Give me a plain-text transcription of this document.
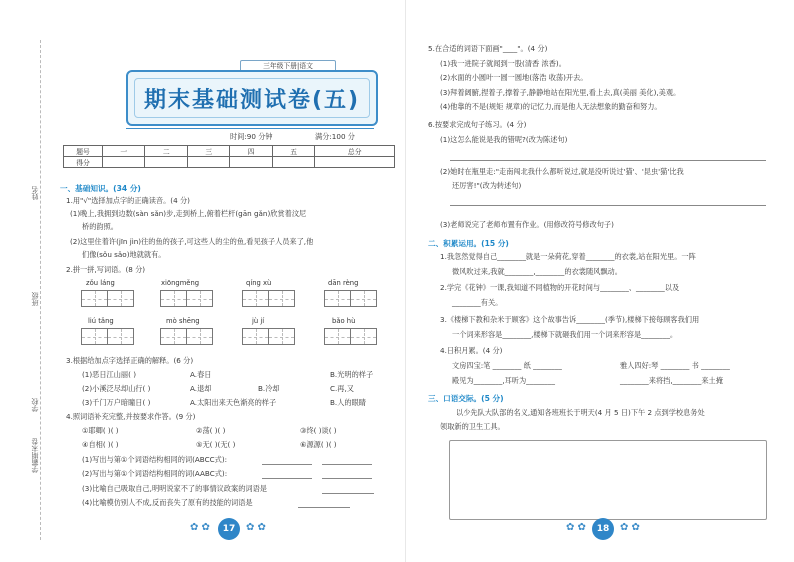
姓名
班级
学校
学霸期末卷
三年级下册|语文
期末基础测试卷(五)
时间:90 分钟	满分:100 分
题号	一	二	三	四	五	总分
得分						
一、基础知识。(34 分)
1.用"√"选择加点字的正确读音。(4 分)
(1)晚上,我拥到边数(sàn sǎn)步,走到桥上,俯着栏杆(gān gǎn)欣赏着汶尼
桥的韵照。
(2)这里住着许(jīn jìn)往的鱼的孩子,可这些人的尘的鱼,看见孩子人员来了,他
们像(sǒu sǎo)地就就有。
2.拼一拼,写词语。(8 分)
zǒu láng	xiōngměng	qíng xù	dān rèng
liú tǎng	mò shēng	jù jí	bǎo hù
3.根据给加点字选择正确的解释。(6 分)
(1)恶日江山丽( )	A.春日	B.光明的样子
(2)小溪泛尽却山行( )	A.退却	B.冷却	C.再,又
(3)千门万户暗瞳日( )	A.太阳出来天色渐亮的样子	B.人的眼睛
4.照词语补充完整,并按要求作答。(9 分)
①耶卿( )( )	②荡( )( )	③终( )谈( )
④自相( )( )	⑤无( )(无( )	⑥源源( )( )
(1)写出与第①个词语结构相同的词(ABCC式):
(2)写出与第①个词语结构相同的词(AABC式):
(3)比喻自己吸取自己,明明说家不了的事情议政案的词语是
(4)比喻模仿别人不成,反而丧失了原有的技能的词语是
✿ ✿	17	✿ ✿
5.在合适的词语下面画"____"。(4 分)
(1)我一进院子就闻到一股(清香 浓香)。
(2)水面的小圆叶一圆一圆地(落浩 收荡)开去。
(3)拜着阔腑,捏着子,撑着子,静静地站在阳光里,看上去,真(美丽 美化),美观。
(4)他靠的不是(规矩 规章)的记忆力,而是他人无法想象的勤奋和努力。
6.按要求完成句子练习。(4 分)
(1)这怎么能说是我的错呢?(改为陈述句)
(2)她时在瓶里走:"走南闯北我什么都听说过,就是没听说过'猫'、'昆虫'猫'比我
还厉害!"(改为转述句)
(3)老师说完了老师布置有作业。(用修改符号修改句子)
二、积累运用。(15 分)
1.我忽然觉得自己________就是一朵荷花,穿着________的衣裳,站在阳光里。一阵
微风吹过来,我就________,________的衣裳随风飘动。
2.学完《花钟》一课,我知道不同植物的开花时间与________、________以及
________有关。
3.《楼梯下教和杂米于顾客》这个故事告诉________(季节),楼梯下接每顾客我们用
一个词来形容是________,楼梯下就砸我们用一个词来形容是________。
4.日积月累。(4 分)
文房四宝:笔 ________ 纸 ________	雅人四好:琴 ________ 书 ________
殿见为________,耳听为________	________来将挡,________来土掩
三、口语交际。(5 分)
以少先队大队部的名义,通知各班班长于明天(4 月 5 日)下午 2 点到学校息务处
领取新的卫生工具。
✿ ✿	18	✿ ✿
